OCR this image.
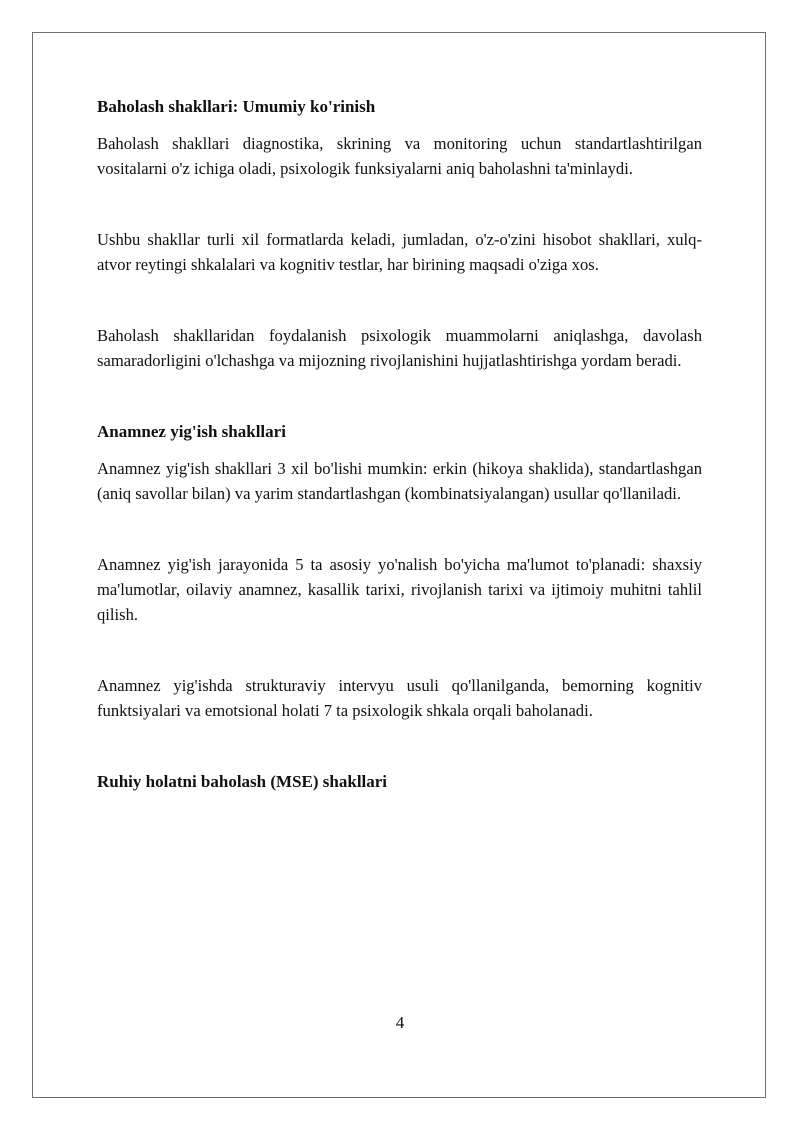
Baholash shakllari: Umumiy ko'rinish

Baholash shakllari diagnostika, skrining va monitoring uchun standartlashtirilgan vositalarni o'z ichiga oladi, psixologik funksiyalarni aniq baholashni ta'minlaydi.

Ushbu shakllar turli xil formatlarda keladi, jumladan, o'z-o'zini hisobot shakllari, xulq-atvor reytingi shkalalari va kognitiv testlar, har birining maqsadi o'ziga xos.

Baholash shakllaridan foydalanish psixologik muammolarni aniqlashga, davolash samaradorligini o'lchashga va mijozning rivojlanishini hujjatlashtirishga yordam beradi.

Anamnez yig'ish shakllari

Anamnez yig'ish shakllari 3 xil bo'lishi mumkin: erkin (hikoya shaklida), standartlashgan (aniq savollar bilan) va yarim standartlashgan (kombinatsiyalangan) usullar qo'llaniladi.

Anamnez yig'ish jarayonida 5 ta asosiy yo'nalish bo'yicha ma'lumot to'planadi: shaxsiy ma'lumotlar, oilaviy anamnez, kasallik tarixi, rivojlanish tarixi va ijtimoiy muhitni tahlil qilish.

Anamnez yig'ishda strukturaviy intervyu usuli qo'llanilganda, bemorning kognitiv funktsiyalari va emotsional holati 7 ta psixologik shkala orqali baholanadi.

Ruhiy holatni baholash (MSE) shakllari
4
